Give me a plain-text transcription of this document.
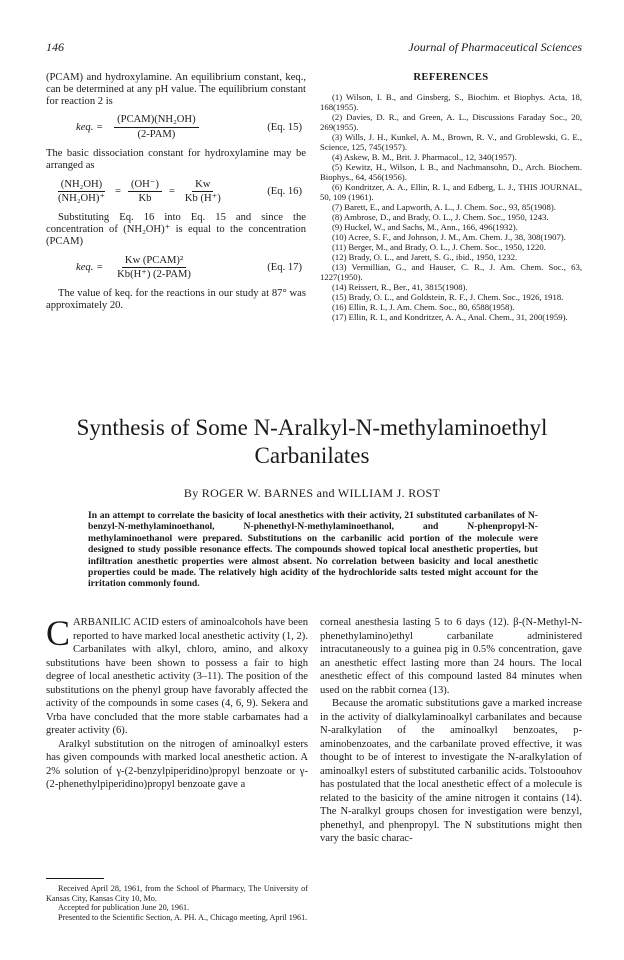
146	Journal of Pharmaceutical Sciences

(PCAM) and hydroxylamine. An equilibrium constant, keq., can be determined at any pH value. The equilibrium constant for reaction 2 is

keq. = $\frac{\text{(PCAM)(NH₂OH)}}{\text{(2-PAM)}}$	(Eq. 15)

The basic dissociation constant for hydroxylamine may be arranged as

$\frac{\text{(NH₂OH)}}{\text{(NH₂OH)⁺}} = \frac{(OH^-)}{Kb} = \frac{Kw}{Kb (H^+)}$	(Eq. 16)

Substituting Eq. 16 into Eq. 15 and since the concentration of (NH₂OH)⁺ is equal to the concentration (PCAM)

keq. = $\frac{\text{Kw (PCAM)²}}{\text{Kb(H⁺) (2-PAM)}}$	(Eq. 17)

The value of keq. for the reactions in our study at 87° was approximately 20.

REFERENCES

(1) Wilson, I. B., and Ginsberg, S., Biochim. et Biophys. Acta, 18, 168(1955).

(2) Davies, D. R., and Green, A. L., Discussions Faraday Soc., 20, 269(1955).

(3) Wills, J. H., Kunkel, A. M., Brown, R. V., and Groblewski, G. E., Science, 125, 745(1957).

(4) Askew, B. M., Brit. J. Pharmacol., 12, 340(1957).

(5) Kewitz, H., Wilson, I. B., and Nachmansohn, D., Arch. Biochem. Biophys., 64, 456(1956).

(6) Kondritzer, A. A., Ellin, R. I., and Edberg, L. J., THIS JOURNAL, 50, 109 (1961).

(7) Barett, E., and Lapworth, A. L., J. Chem. Soc., 93, 85(1908).

(8) Ambrose, D., and Brady, O. L., J. Chem. Soc., 1950, 1243.

(9) Huckel, W., and Sachs, M., Ann., 166, 496(1932).

(10) Acree, S. F., and Johnson, J. M., Am. Chem. J., 38, 308(1907).

(11) Berger, M., and Brady, O. L., J. Chem. Soc., 1950, 1220.

(12) Brady, O. L., and Jarett, S. G., ibid., 1950, 1232.

(13) Vermillian, G., and Hauser, C. R., J. Am. Chem. Soc., 63, 1227(1950).

(14) Reissert, R., Ber., 41, 3815(1908).

(15) Brady, O. L., and Goldstein, R. F., J. Chem. Soc., 1926, 1918.

(16) Ellin, R. I., J. Am. Chem. Soc., 80, 6588(1958).

(17) Ellin, R. I., and Kondritzer, A. A., Anal. Chem., 31, 200(1959).

Synthesis of Some N-Aralkyl-N-methylaminoethyl Carbanilates
By ROGER W. BARNES and WILLIAM J. ROST
In an attempt to correlate the basicity of local anesthetics with their activity, 21 substituted carbanilates of N-benzyl-N-methylaminoethanol, N-phenethyl-N-methylaminoethanol, and N-phenpropyl-N-methylaminoethanol were prepared. Substitutions on the carbanilic acid portion of the molecule were designed to study possible resonance effects. The compounds showed topical local anesthetic properties, but infiltration anesthetic properties were almost absent. No correlation between basicity and local anesthetic properties could be made. The relatively high acidity of the hydrochloride salts tested might account for the irritation commonly found.

CARBANILIC ACID esters of aminoalcohols have been reported to have marked local anesthetic activity (1, 2). Carbanilates with alkyl, chloro, amino, and alkoxy substitutions have been shown to possess a fair to high degree of local anesthetic activity (3–11). The position of the substitutions on the phenyl group have favorably affected the activity of the compounds in some cases (4, 6, 9). Sekera and Vrba have concluded that the more stable carbamates had a greater activity (6).

Aralkyl substitution on the nitrogen of aminoalkyl esters has given compounds with marked local anesthetic action. A 2% solution of γ-(2-benzylpiperidino)propyl benzoate or γ-(2-phenethylpiperidino)propyl benzoate gave a

corneal anesthesia lasting 5 to 6 days (12). β-(N-Methyl-N-phenethylamino)ethyl carbanilate administered intracutaneously to a guinea pig in 0.5% concentration, gave an anesthetic effect lasting more than 24 hours. The local anesthetic effect of this compound lasted 84 minutes when used on the rabbit cornea (13).

Because the aromatic substitutions gave a marked increase in the activity of dialkylaminoalkyl carbanilates and because N-aralkylation of the aminoalkyl benzoates, p-aminobenzoates, and the carbanilate proved effective, it was thought to be of interest to investigate the N-aralkylation of aminoalkyl esters of substituted carbanilic acids. Tolstoouhov has postulated that the local anesthetic effect of a molecule is related to the basicity of the amine nitrogen it contains (14). The N-aralkyl groups chosen for investigation were benzyl, phenethyl, and phenpropyl. The N substitutions might then vary the basic charac-

Received April 28, 1961, from the School of Pharmacy, The University of Kansas City, Kansas City 10, Mo.

Accepted for publication June 20, 1961.

Presented to the Scientific Section, A. PH. A., Chicago meeting, April 1961.
